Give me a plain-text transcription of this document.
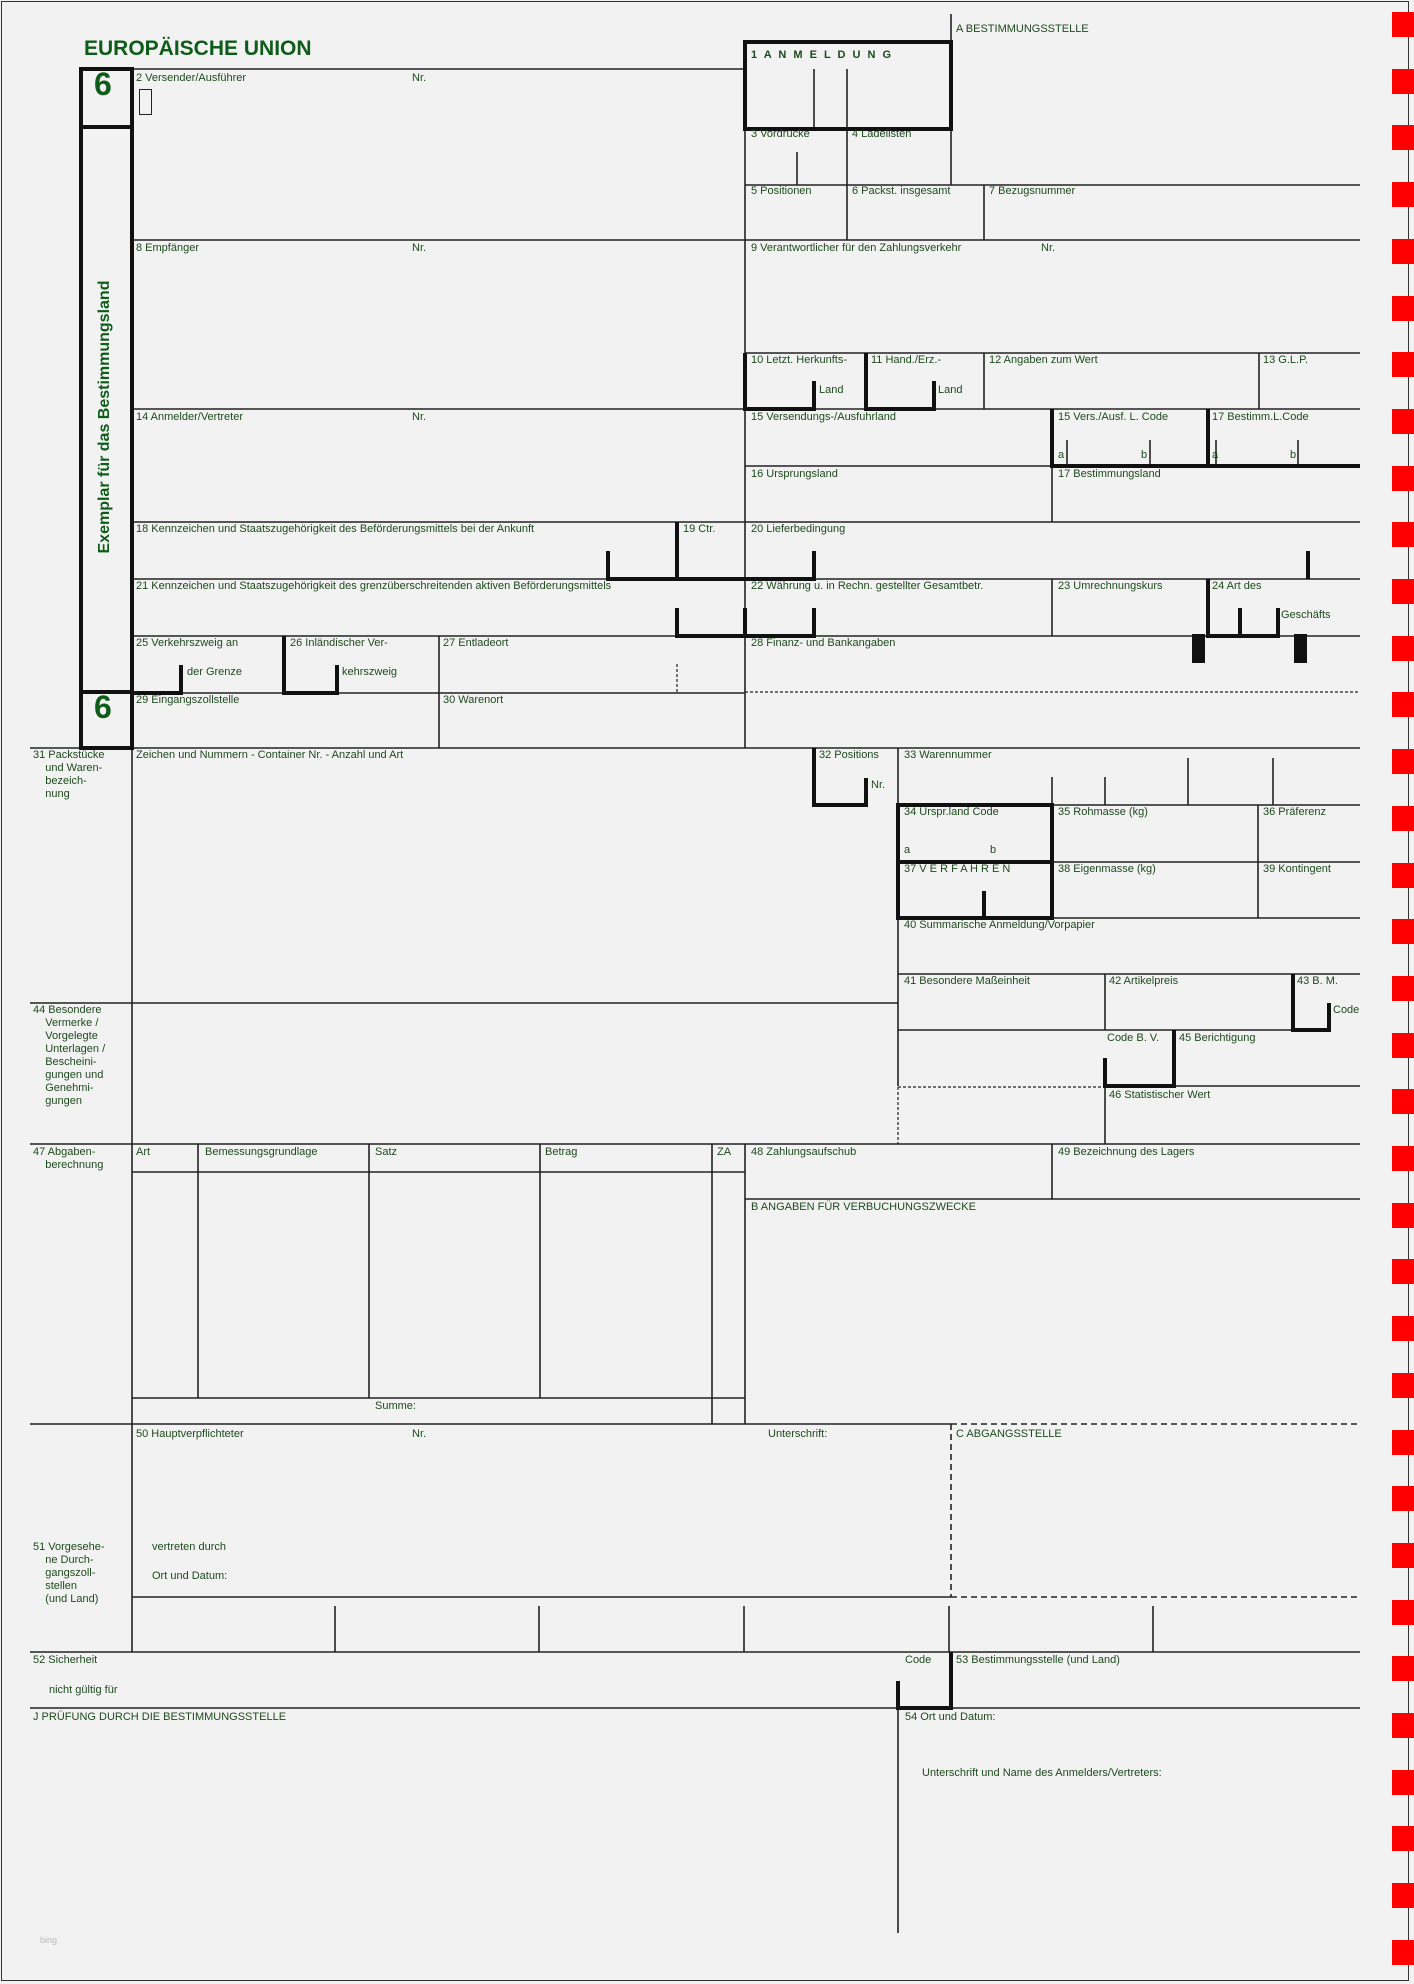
EUROPÄISCHE UNION
6
6
Exemplar für das Bestimmungsland
A BESTIMMUNGSSTELLE
1 A N M E L D U N G
2 Versender/Ausführer	Nr.
3 Vordrucke	4 Ladelisten
5 Positionen	6 Packst. insgesamt	7 Bezugsnummer
8 Empfänger	Nr.	9 Verantwortlicher für den Zahlungsverkehr	Nr.
10 Letzt. Herkunfts-
Land
11 Hand./Erz.-
Land
12 Angaben zum Wert	13 G.L.P.
14 Anmelder/Vertreter	Nr.	15 Versendungs-/Ausfuhrland	15 Vers./Ausf. L. Code	17 Bestimm.L.Code
a	b	a	b
16 Ursprungsland	17 Bestimmungsland
18 Kennzeichen und Staatszugehörigkeit des Beförderungsmittels bei der Ankunft	19 Ctr.	20 Lieferbedingung
21 Kennzeichen und Staatszugehörigkeit des grenzüberschreitenden aktiven Beförderungsmittels	22 Währung u. in Rechn. gestellter Gesamtbetr.	23 Umrechnungskurs	24 Art des
Geschäfts
25 Verkehrszweig an
der Grenze
26 Inländischer Ver-
kehrszweig
27 Entladeort	28 Finanz- und Bankangaben
29 Eingangszollstelle	30 Warenort
31 Packstücke
und Waren-
bezeich-
nung
Zeichen und Nummern - Container Nr. - Anzahl und Art	32 Positions
Nr.
33 Warennummer
34 Urspr.land Code
a	b
35 Rohmasse (kg)	36 Präferenz
37 V E R F A H R E N	38 Eigenmasse (kg)	39 Kontingent
40 Summarische Anmeldung/Vorpapier
41 Besondere Maßeinheit	42 Artikelpreis	43 B. M.
Code
44 Besondere
Vermerke /
Vorgelegte
Unterlagen /
Bescheini-
gungen und
Genehmi-
gungen
Code B. V. 45 Berichtigung
46 Statistischer Wert
47 Abgaben-
berechnung
Art	Bemessungsgrundlage	Satz	Betrag	ZA
Summe:
48 Zahlungsaufschub	49 Bezeichnung des Lagers
B ANGABEN FÜR VERBUCHUNGSZWECKE
50 Hauptverpflichteter	Nr.	Unterschrift:	C ABGANGSSTELLE
vertreten durch
Ort und Datum:
51 Vorgesehe-
ne Durch-
gangszoll-
stellen
(und Land)
52 Sicherheit
nicht gültig für
Code 53 Bestimmungsstelle (und Land)
J PRÜFUNG DURCH DIE BESTIMMUNGSSTELLE	54 Ort und Datum:
Unterschrift und Name des Anmelders/Vertreters:
bing
